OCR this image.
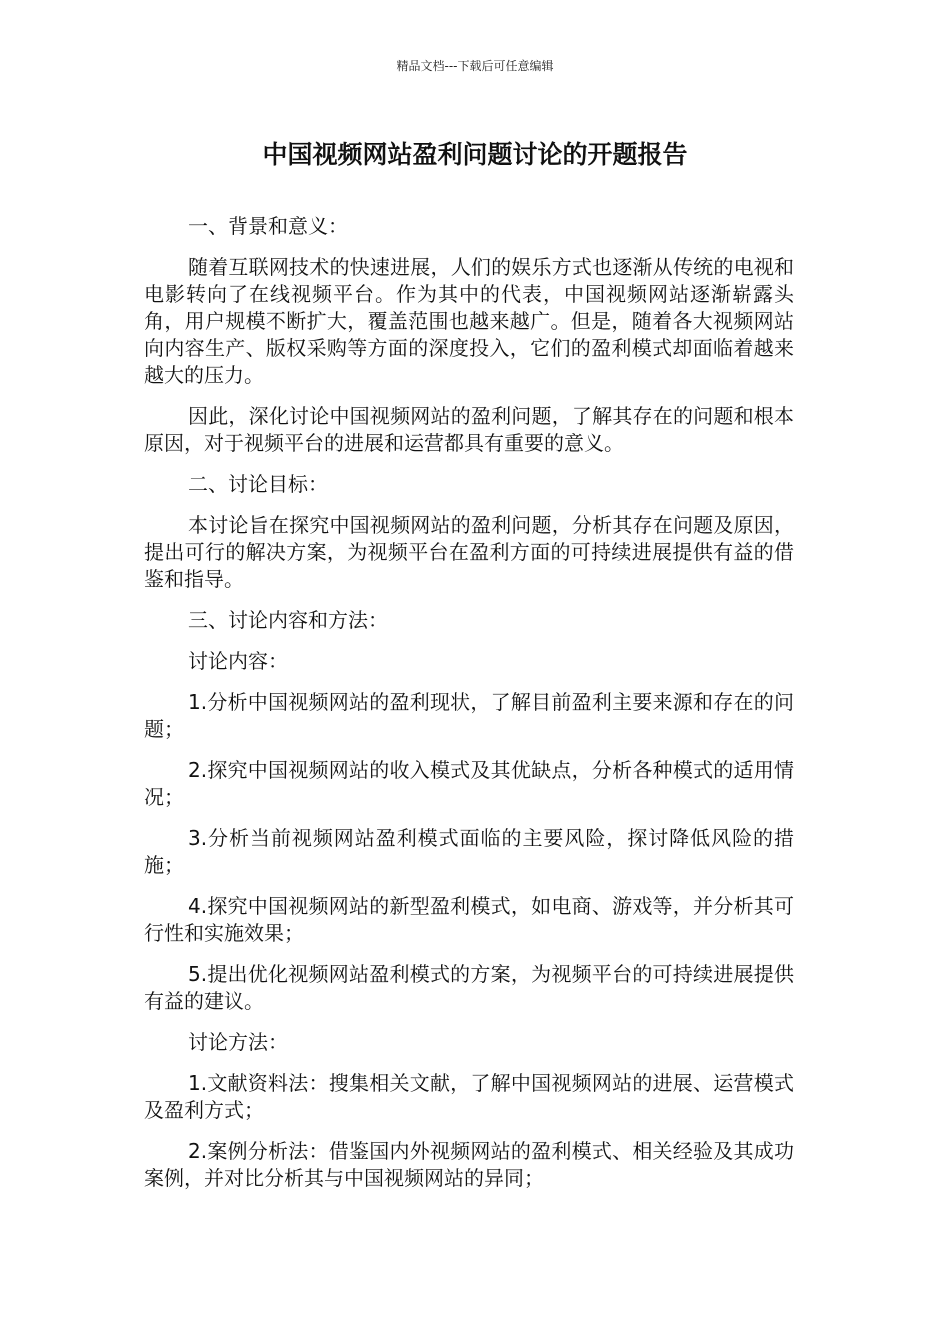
精品文档---下载后可任意编辑
中国视频网站盈利问题讨论的开题报告

一、背景和意义：

随着互联网技术的快速进展，人们的娱乐方式也逐渐从传统的电视和电影转向了在线视频平台。作为其中的代表，中国视频网站逐渐崭露头角，用户规模不断扩大，覆盖范围也越来越广。但是，随着各大视频网站向内容生产、版权采购等方面的深度投入，它们的盈利模式却面临着越来越大的压力。

因此，深化讨论中国视频网站的盈利问题，了解其存在的问题和根本原因，对于视频平台的进展和运营都具有重要的意义。

二、讨论目标：

本讨论旨在探究中国视频网站的盈利问题，分析其存在问题及原因，提出可行的解决方案，为视频平台在盈利方面的可持续进展提供有益的借鉴和指导。

三、讨论内容和方法：

讨论内容：

1.分析中国视频网站的盈利现状，了解目前盈利主要来源和存在的问题；

2.探究中国视频网站的收入模式及其优缺点，分析各种模式的适用情况；

3.分析当前视频网站盈利模式面临的主要风险，探讨降低风险的措施；

4.探究中国视频网站的新型盈利模式，如电商、游戏等，并分析其可行性和实施效果；

5.提出优化视频网站盈利模式的方案，为视频平台的可持续进展提供有益的建议。

讨论方法：

1.文献资料法：搜集相关文献，了解中国视频网站的进展、运营模式及盈利方式；

2.案例分析法：借鉴国内外视频网站的盈利模式、相关经验及其成功案例，并对比分析其与中国视频网站的异同；
